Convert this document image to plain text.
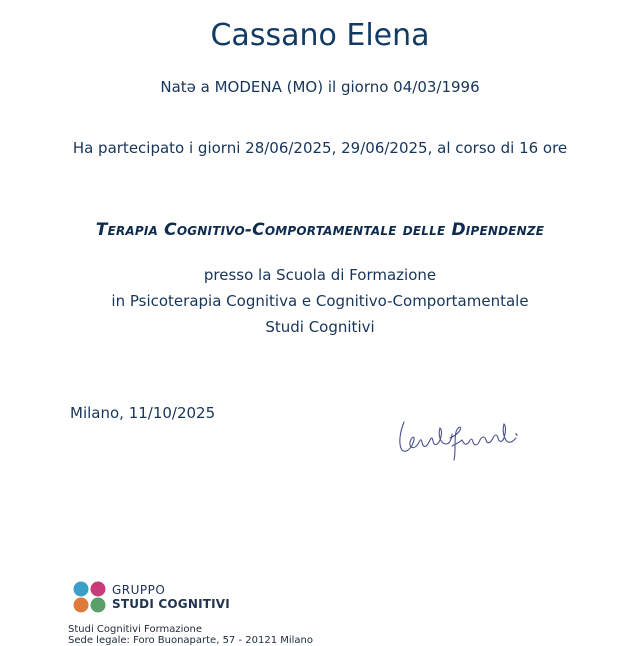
Cassano Elena
Natə a MODENA (MO) il giorno 04/03/1996
Ha partecipato i giorni 28/06/2025, 29/06/2025, al corso di 16 ore
Terapia Cognitivo-Comportamentale delle Dipendenze
presso la Scuola di Formazione
in Psicoterapia Cognitiva e Cognitivo-Comportamentale
Studi Cognitivi
Milano, 11/10/2025
GRUPPO
STUDI COGNITIVI
Studi Cognitivi Formazione
Sede legale: Foro Buonaparte, 57 - 20121 Milano
